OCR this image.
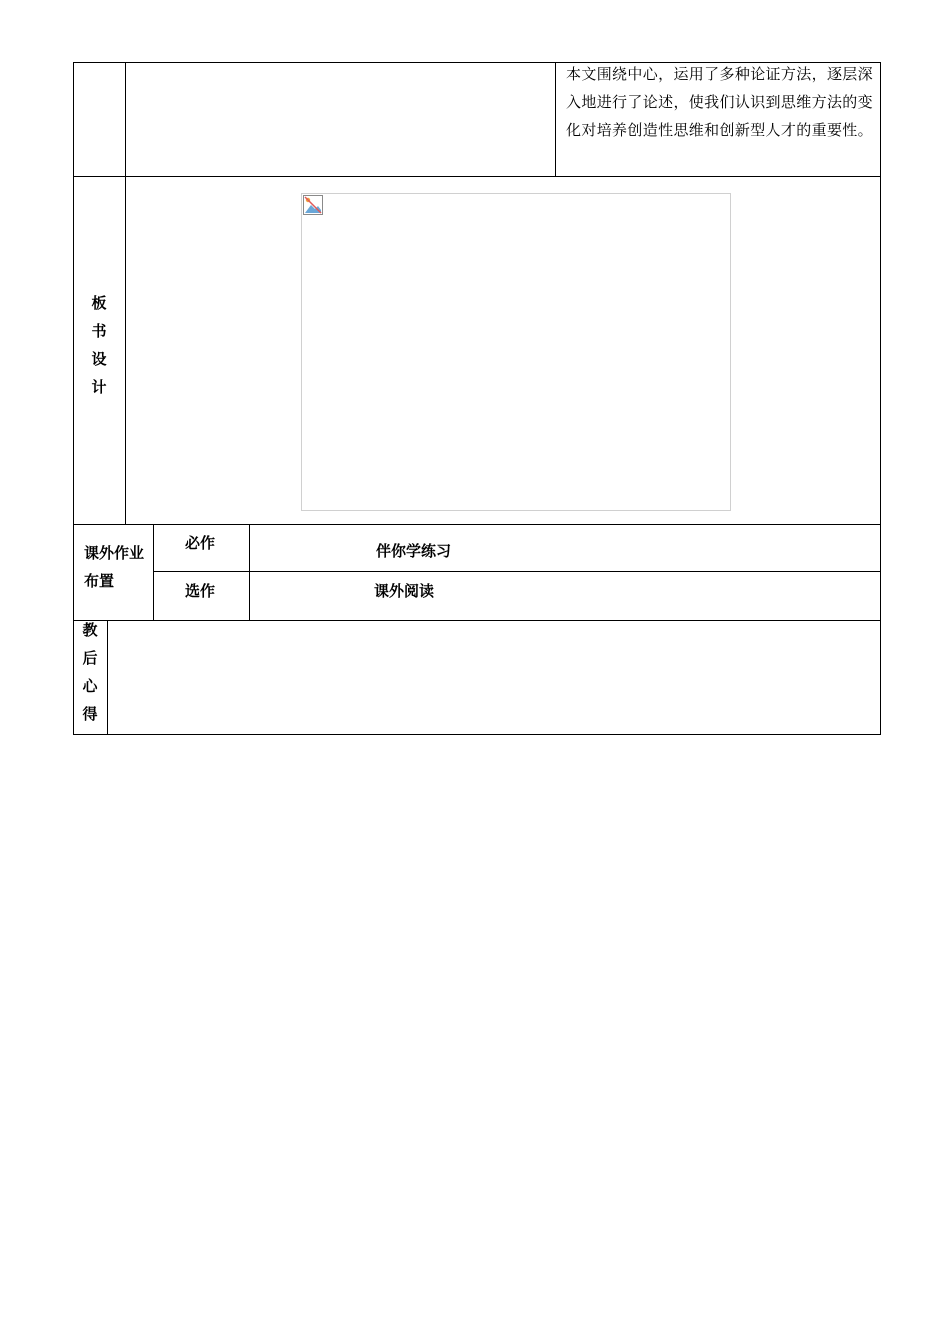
本文围绕中心，运用了多种论证方法，逐层深入地进行了论述，使我们认识到思维方法的变化对培养创造性思维和创新型人才的重要性。
板
书
设
计
课外作业布置
必作	伴你学练习
选作	课外阅读
教
后
心
得
